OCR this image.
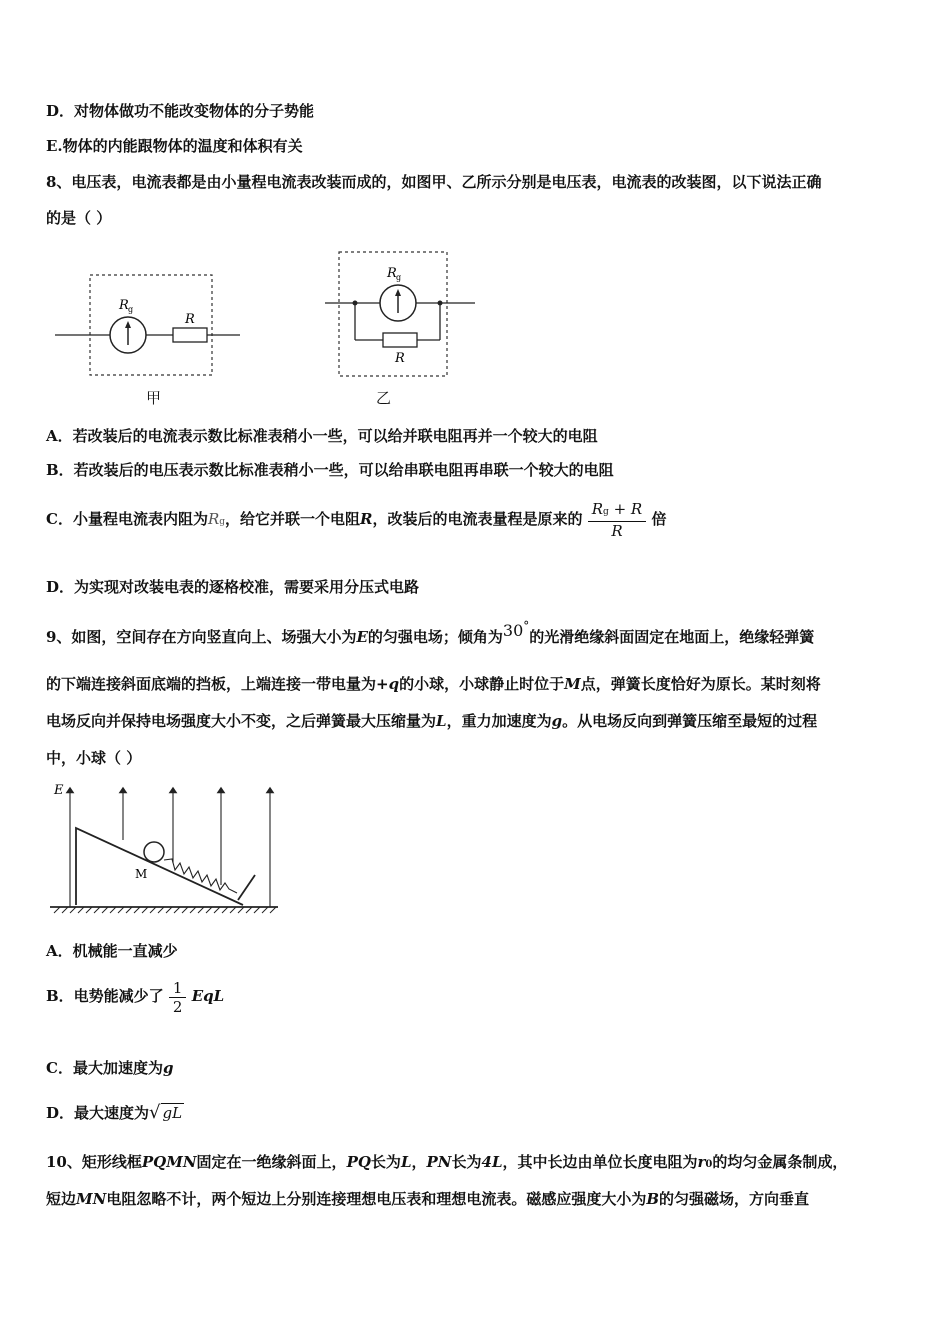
D．对物体做功不能改变物体的分子势能
E.物体的内能跟物体的温度和体积有关
8、电压表，电流表都是由小量程电流表改装而成的，如图甲、乙所示分别是电压表，电流表的改装图，以下说法正确
的是（ ）
R g
R
甲
R g
R
乙
A．若改装后的电流表示数比标准表稍小一些，可以给并联电阻再并一个较大的电阻
B．若改装后的电压表示数比标准表稍小一些，可以给串联电阻再串联一个较大的电阻
C．小量程电流表内阻为Rg，给它并联一个电阻R，改装后的电流表量程是原来的 $\frac{Rg + R}{R}$ 倍
D．为实现对改装电表的逐格校准，需要采用分压式电路
9、如图，空间存在方向竖直向上、场强大小为E的匀强电场；倾角为30°的光滑绝缘斜面固定在地面上，绝缘轻弹簧
的下端连接斜面底端的挡板，上端连接一带电量为+q的小球，小球静止时位于M点，弹簧长度恰好为原长。某时刻将
电场反向并保持电场强度大小不变，之后弹簧最大压缩量为L，重力加速度为g。从电场反向到弹簧压缩至最短的过程
中，小球（ ）
E
M
A．机械能一直减少
B．电势能减少了 $\frac{1}{2}$ EqL
C．最大加速度为g
D．最大速度为√ gL
10、矩形线框PQMN固定在一绝缘斜面上，PQ长为L，PN长为4L，其中长边由单位长度电阻为r0的均匀金属条制成，
短边MN电阻忽略不计，两个短边上分别连接理想电压表和理想电流表。磁感应强度大小为B的匀强磁场，方向垂直
